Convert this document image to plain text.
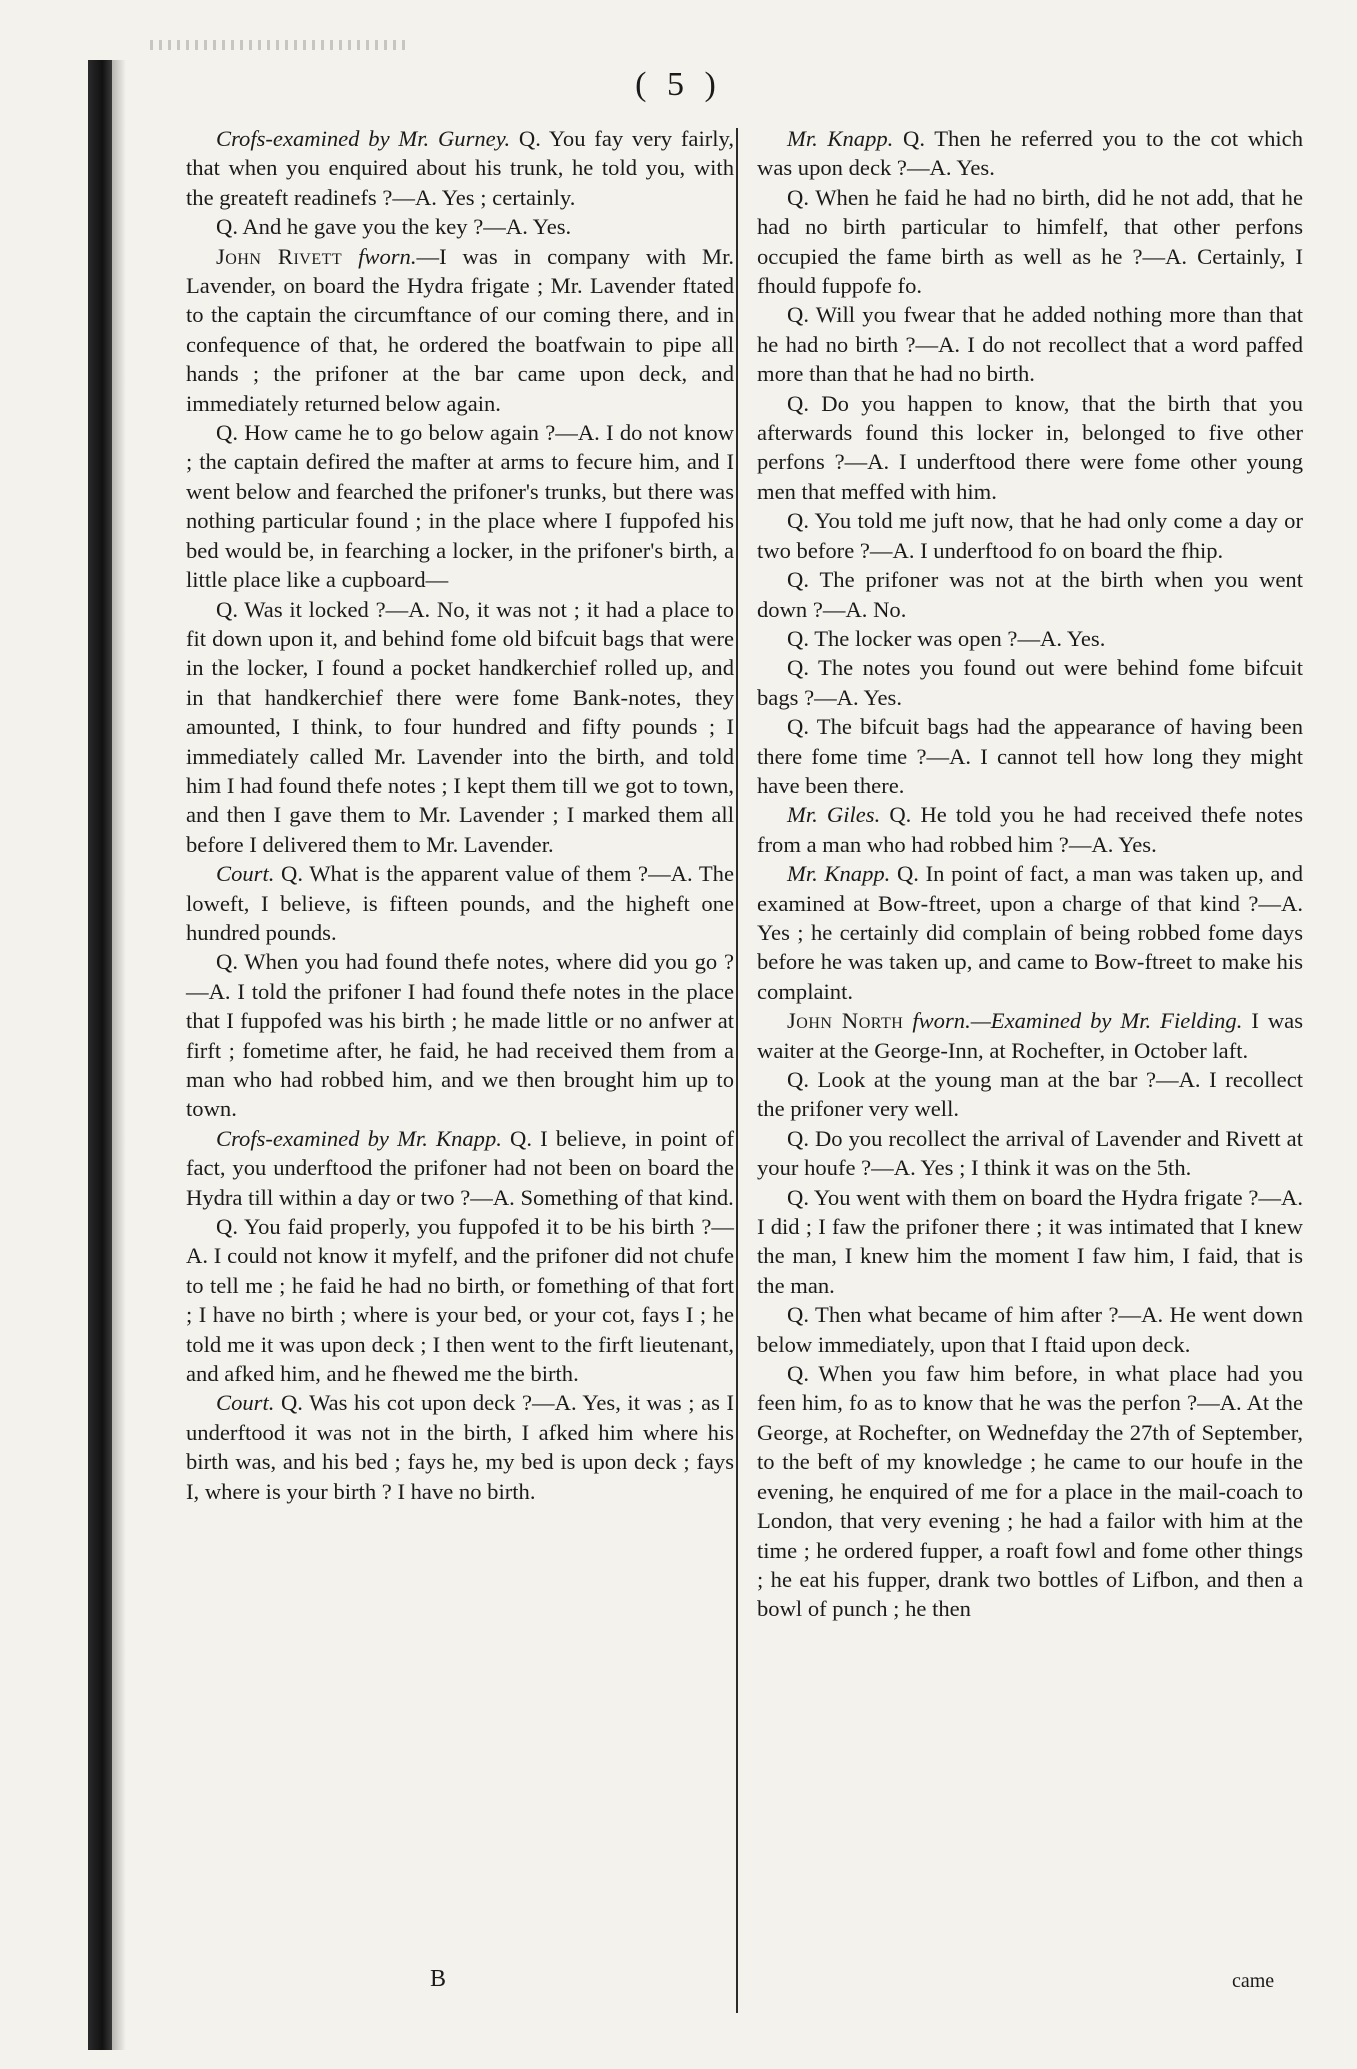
( 5 )

Crofs-examined by Mr. Gurney. Q. You fay very fairly, that when you enquired about his trunk, he told you, with the greateft readinefs ?—A. Yes ; certainly.

Q. And he gave you the key ?—A. Yes.

John Rivett fworn.—I was in company with Mr. Lavender, on board the Hydra frigate ; Mr. Lavender ftated to the captain the circumftance of our coming there, and in confequence of that, he ordered the boatfwain to pipe all hands ; the prifoner at the bar came upon deck, and immediately returned below again.

Q. How came he to go below again ?—A. I do not know ; the captain defired the mafter at arms to fecure him, and I went below and fearched the prifoner's trunks, but there was nothing particular found ; in the place where I fuppofed his bed would be, in fearching a locker, in the prifoner's birth, a little place like a cupboard—

Q. Was it locked ?—A. No, it was not ; it had a place to fit down upon it, and behind fome old bifcuit bags that were in the locker, I found a pocket handkerchief rolled up, and in that handkerchief there were fome Bank-notes, they amounted, I think, to four hundred and fifty pounds ; I immediately called Mr. Lavender into the birth, and told him I had found thefe notes ; I kept them till we got to town, and then I gave them to Mr. Lavender ; I marked them all before I delivered them to Mr. Lavender.

Court. Q. What is the apparent value of them ?—A. The loweft, I believe, is fifteen pounds, and the higheft one hundred pounds.

Q. When you had found thefe notes, where did you go ?—A. I told the prifoner I had found thefe notes in the place that I fuppofed was his birth ; he made little or no anfwer at firft ; fometime after, he faid, he had received them from a man who had robbed him, and we then brought him up to town.

Crofs-examined by Mr. Knapp. Q. I believe, in point of fact, you underftood the prifoner had not been on board the Hydra till within a day or two ?—A. Something of that kind.

Q. You faid properly, you fuppofed it to be his birth ?—A. I could not know it myfelf, and the prifoner did not chufe to tell me ; he faid he had no birth, or fomething of that fort ; I have no birth ; where is your bed, or your cot, fays I ; he told me it was upon deck ; I then went to the firft lieutenant, and afked him, and he fhewed me the birth.

Court. Q. Was his cot upon deck ?—A. Yes, it was ; as I underftood it was not in the birth, I afked him where his birth was, and his bed ; fays he, my bed is upon deck ; fays I, where is your birth ? I have no birth.

Mr. Knapp. Q. Then he referred you to the cot which was upon deck ?—A. Yes.

Q. When he faid he had no birth, did he not add, that he had no birth particular to himfelf, that other perfons occupied the fame birth as well as he ?—A. Certainly, I fhould fuppofe fo.

Q. Will you fwear that he added nothing more than that he had no birth ?—A. I do not recollect that a word paffed more than that he had no birth.

Q. Do you happen to know, that the birth that you afterwards found this locker in, belonged to five other perfons ?—A. I underftood there were fome other young men that meffed with him.

Q. You told me juft now, that he had only come a day or two before ?—A. I underftood fo on board the fhip.

Q. The prifoner was not at the birth when you went down ?—A. No.

Q. The locker was open ?—A. Yes.

Q. The notes you found out were behind fome bifcuit bags ?—A. Yes.

Q. The bifcuit bags had the appearance of having been there fome time ?—A. I cannot tell how long they might have been there.

Mr. Giles. Q. He told you he had received thefe notes from a man who had robbed him ?—A. Yes.

Mr. Knapp. Q. In point of fact, a man was taken up, and examined at Bow-ftreet, upon a charge of that kind ?—A. Yes ; he certainly did complain of being robbed fome days before he was taken up, and came to Bow-ftreet to make his complaint.

John North fworn.—Examined by Mr. Fielding. I was waiter at the George-Inn, at Rochefter, in October laft.

Q. Look at the young man at the bar ?—A. I recollect the prifoner very well.

Q. Do you recollect the arrival of Lavender and Rivett at your houfe ?—A. Yes ; I think it was on the 5th.

Q. You went with them on board the Hydra frigate ?—A. I did ; I faw the prifoner there ; it was intimated that I knew the man, I knew him the moment I faw him, I faid, that is the man.

Q. Then what became of him after ?—A. He went down below immediately, upon that I ftaid upon deck.

Q. When you faw him before, in what place had you feen him, fo as to know that he was the perfon ?—A. At the George, at Rochefter, on Wednefday the 27th of September, to the beft of my knowledge ; he came to our houfe in the evening, he enquired of me for a place in the mail-coach to London, that very evening ; he had a failor with him at the time ; he ordered fupper, a roaft fowl and fome other things ; he eat his fupper, drank two bottles of Lifbon, and then a bowl of punch ; he then

B	came
